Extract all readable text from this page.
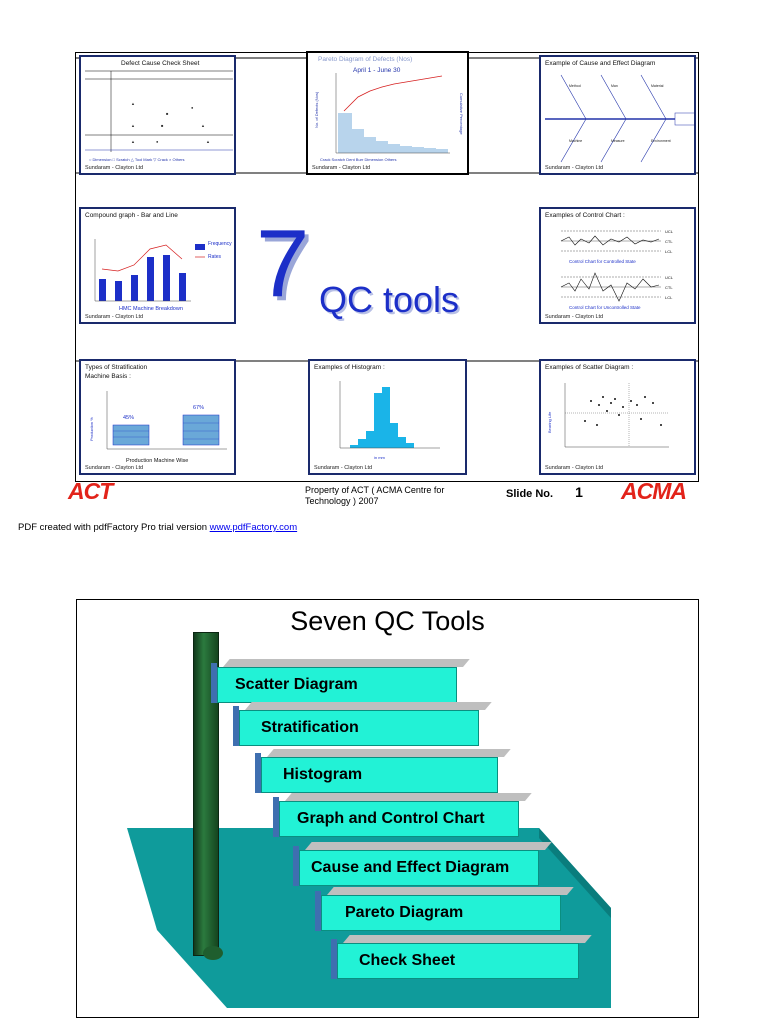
▲
■
●
▲	■	▲
▲	●	▲
○ Dimension □ Scratch △ Tool Mark ▽ Crack × Others
Defect Cause Check Sheet
Sundaram - Clayton Ltd
No. of Defects (Nos)	Cumulative Percentage
Crack Scratch Dent Burr Dimension Others
Pareto Diagram of Defects (Nos)
April 1 - June 30
Sundaram - Clayton Ltd
Method	Man	Material
Machine	Measure	Environment
Example of Cause and Effect Diagram
Sundaram - Clayton Ltd
Compound graph - Bar and Line
Frequency
Rates
HMC Machine Breakdown
Sundaram - Clayton Ltd 7 QC tools
UCL
CTL
LCL
UCL
CTL
LCL
Examples of Control Chart :
Control Chart for Controlled State
Control Chart for Uncontrolled State
Sundaram - Clayton Ltd
Production %
Types of Stratification
Machine Basis :
45%
67%
Production Machine Wise
Sundaram - Clayton Ltd
in mm
Examples of Histogram :
Sundaram - Clayton Ltd
Bearing Life
Examples of Scatter Diagram :
Sundaram - Clayton Ltd
ACT	Property of ACT ( ACMA Centre for Technology ) 2007
Slide No. 1 ACMA
PDF created with pdfFactory Pro trial version www.pdfFactory.com
Seven QC Tools
Scatter Diagram
Stratification
Histogram
Graph and Control Chart
Cause and Effect Diagram
Pareto Diagram
Check Sheet
